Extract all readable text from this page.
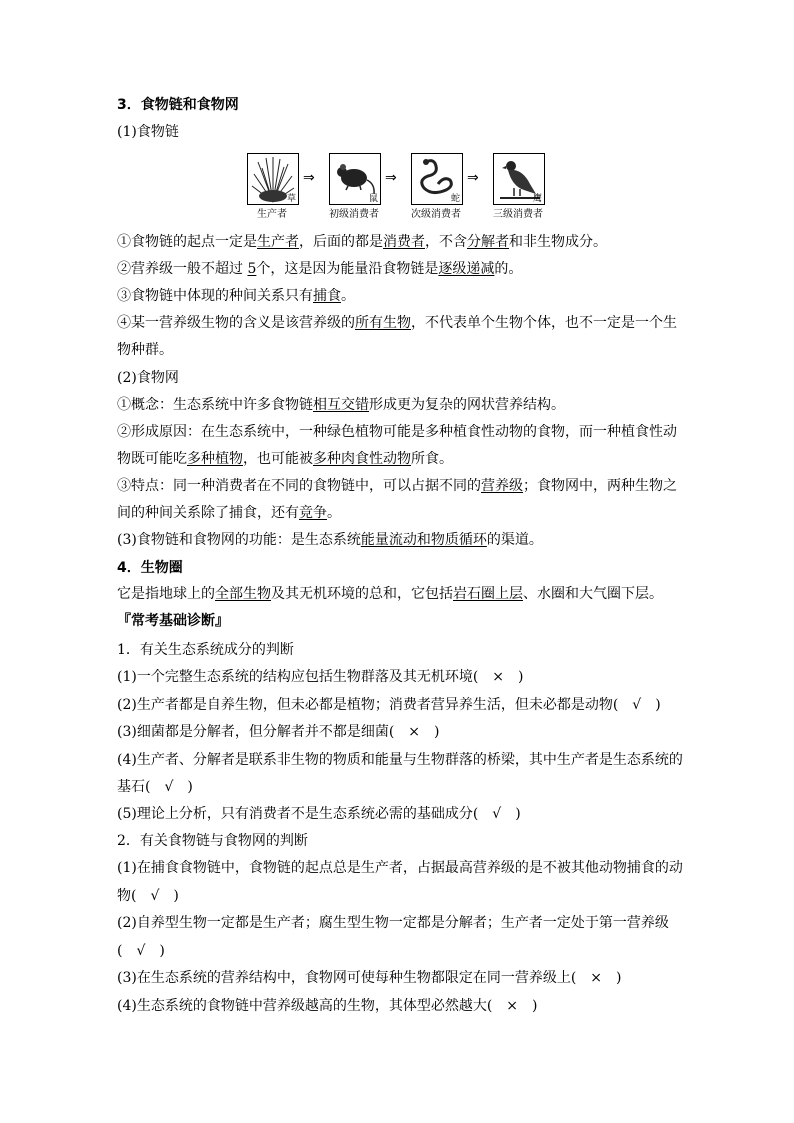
3．食物链和食物网
(1)食物链
草
⇒
鼠
⇒
蛇
⇒
鹰
生产者	初级消费者	次级消费者	三级消费者
①食物链的起点一定是生产者，后面的都是消费者，不含分解者和非生物成分。
②营养级一般不超过 5个，这是因为能量沿食物链是逐级递减的。
③食物链中体现的种间关系只有捕食。
④某一营养级生物的含义是该营养级的所有生物，不代表单个生物个体，也不一定是一个生
物种群。
(2)食物网
①概念：生态系统中许多食物链相互交错形成更为复杂的网状营养结构。
②形成原因：在生态系统中，一种绿色植物可能是多种植食性动物的食物，而一种植食性动
物既可能吃多种植物，也可能被多种肉食性动物所食。
③特点：同一种消费者在不同的食物链中，可以占据不同的营养级；食物网中，两种生物之
间的种间关系除了捕食，还有竞争。
(3)食物链和食物网的功能：是生态系统能量流动和物质循环的渠道。
4．生物圈
它是指地球上的全部生物及其无机环境的总和，它包括岩石圈上层、水圈和大气圈下层。
『常考基础诊断』
1．有关生态系统成分的判断
(1)一个完整生态系统的结构应包括生物群落及其无机环境( × )
(2)生产者都是自养生物，但未必都是植物；消费者营异养生活，但未必都是动物( √ )
(3)细菌都是分解者，但分解者并不都是细菌( × )
(4)生产者、分解者是联系非生物的物质和能量与生物群落的桥梁，其中生产者是生态系统的
基石( √ )
(5)理论上分析，只有消费者不是生态系统必需的基础成分( √ )
2．有关食物链与食物网的判断
(1)在捕食食物链中，食物链的起点总是生产者，占据最高营养级的是不被其他动物捕食的动
物( √ )
(2)自养型生物一定都是生产者；腐生型生物一定都是分解者；生产者一定处于第一营养级
( √ )
(3)在生态系统的营养结构中，食物网可使每种生物都限定在同一营养级上( × )
(4)生态系统的食物链中营养级越高的生物，其体型必然越大( × )
